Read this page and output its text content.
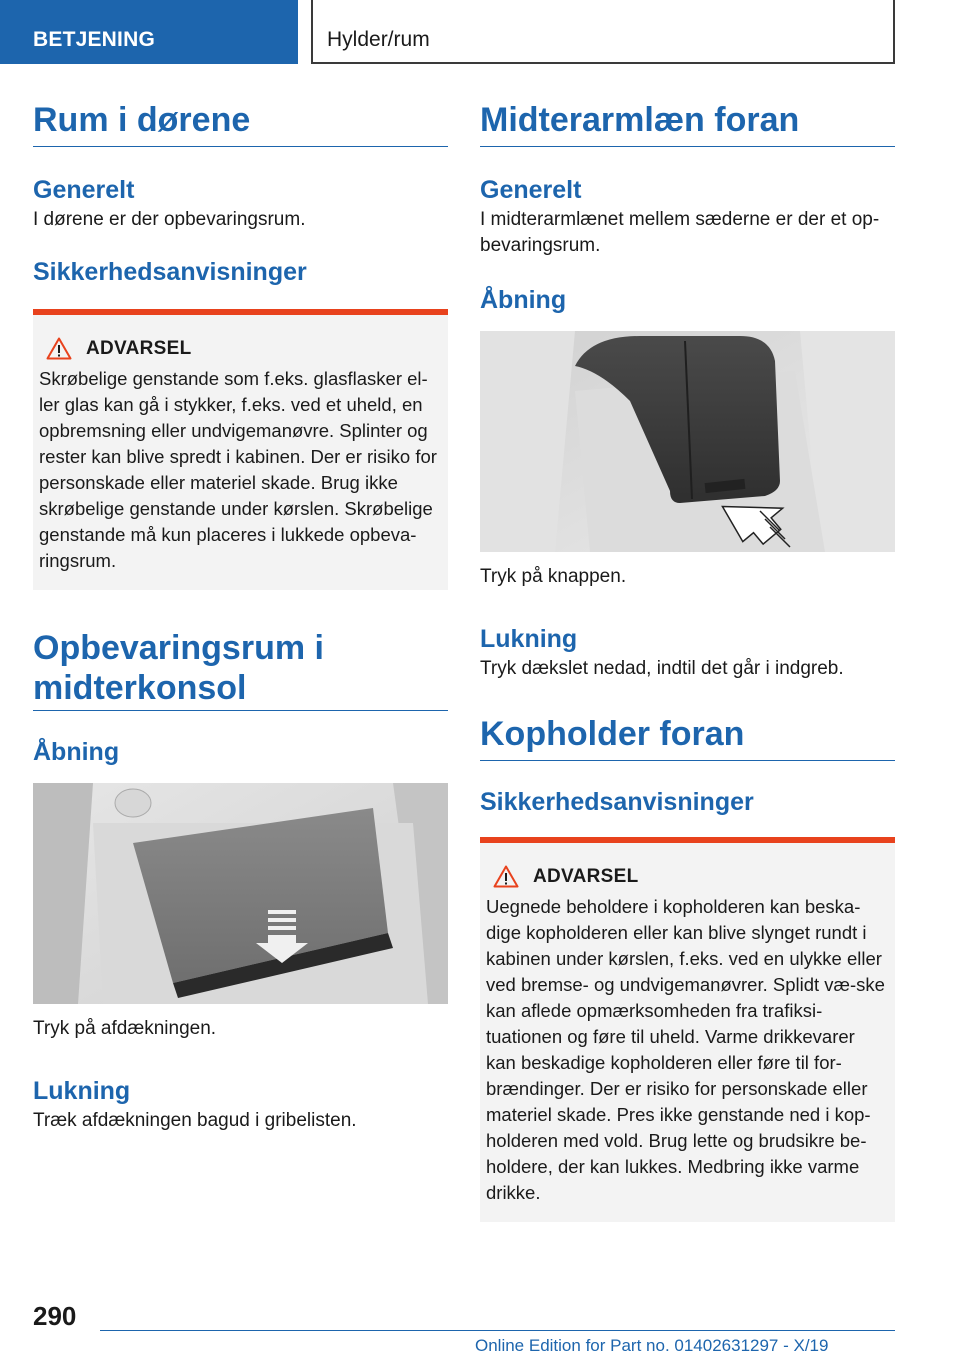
BETJENING	Hylder/rum
Rum i dørene
Generelt

I dørene er der opbevaringsrum.

Sikkerhedsanvisninger
ADVARSEL

Skrøbelige genstande som f.eks. glasflasker el-ler glas kan gå i stykker, f.eks. ved et uheld, en opbremsning eller undvigemanøvre. Splinter og rester kan blive spredt i kabinen. Der er risiko for personskade eller materiel skade. Brug ikke skrøbelige genstande under kørslen. Skrøbelige genstande må kun placeres i lukkede opbeva-ringsrum.

Opbevaringsrum i
midterkonsol
Åbning

Tryk på afdækningen.

Lukning

Træk afdækningen bagud i gribelisten.

Midterarmlæn foran
Generelt

I midterarmlænet mellem sæderne er der et op-bevaringsrum.

Åbning

Tryk på knappen.

Lukning

Tryk dækslet nedad, indtil det går i indgreb.

Kopholder foran
Sikkerhedsanvisninger
ADVARSEL

Uegnede beholdere i kopholderen kan beska-dige kopholderen eller kan blive slynget rundt i kabinen under kørslen, f.eks. ved en ulykke eller ved bremse- og undvigemanøvrer. Splidt væ-ske kan aflede opmærksomheden fra trafiksi-tuationen og føre til uheld. Varme drikkevarer kan beskadige kopholderen eller føre til for-brændinger. Der er risiko for personskade eller materiel skade. Pres ikke genstande ned i kop-holderen med vold. Brug lette og brudsikre be-holdere, der kan lukkes. Medbring ikke varme drikke.

290
Online Edition for Part no. 01402631297 - X/19
